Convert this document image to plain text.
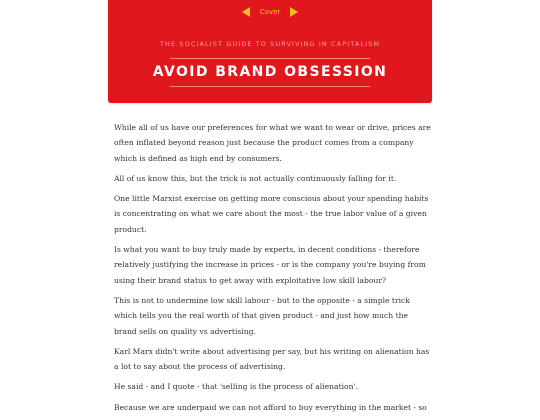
Cover
THE SOCIALIST GUIDE TO SURVIVING IN CAPITALISM
AVOID BRAND OBSESSION

While all of us have our preferences for what we want to wear or drive, prices are often inflated beyond reason just because the product comes from a company which is defined as high end by consumers.

All of us know this, but the trick is not actually continuously falling for it.

One little Marxist exercise on getting more conscious about your spending habits is concentrating on what we care about the most - the true labor value of a given product.

Is what you want to buy truly made by experts, in decent conditions - therefore relatively justifying the increase in prices - or is the company you're buying from using their brand status to get away with exploitative low skill labour?

This is not to undermine low skill labour - but to the opposite - a simple trick which tells you the real worth of that given product - and just how much the brand sells on quality vs advertising.

Karl Marx didn't write about advertising per say, but his writing on alienation has a lot to say about the process of advertising.

He said - and I quote - that 'selling is the process of alienation'.

Because we are underpaid we can not afford to buy everything in the market - so
